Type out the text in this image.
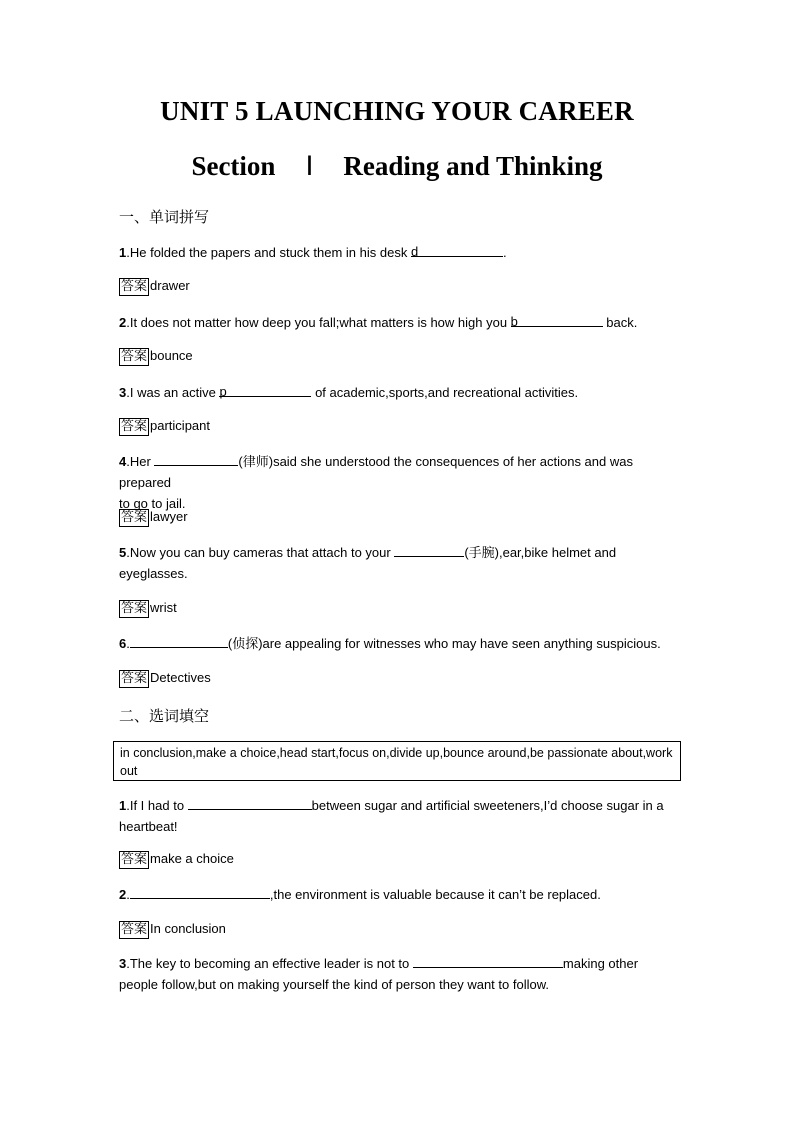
UNIT 5 LAUNCHING YOUR CAREER
Section Ⅰ Reading and Thinking
一、单词拼写
1.He folded the papers and stuck them in his desk d	.
答案 drawer
2.It does not matter how deep you fall;what matters is how high you b	back.
答案 bounce
3.I was an active p	of academic,sports,and recreational activities.
答案 participant
4.Her	(律师)said she understood the consequences of her actions and was prepared
to go to jail.
答案 lawyer
5.Now you can buy cameras that attach to your	(手腕),ear,bike helmet and
eyeglasses.
答案 wrist
6.	(侦探)are appealing for witnesses who may have seen anything suspicious.
答案 Detectives
二、选词填空
in conclusion,make a choice,head start,focus on,divide up,bounce around,be passionate about,work out
1.If I had to	between sugar and artificial sweeteners,I’d choose sugar in a
heartbeat!
答案 make a choice
2.	,the environment is valuable because it can’t be replaced.
答案 In conclusion
3.The key to becoming an effective leader is not to	making other
people follow,but on making yourself the kind of person they want to follow.
